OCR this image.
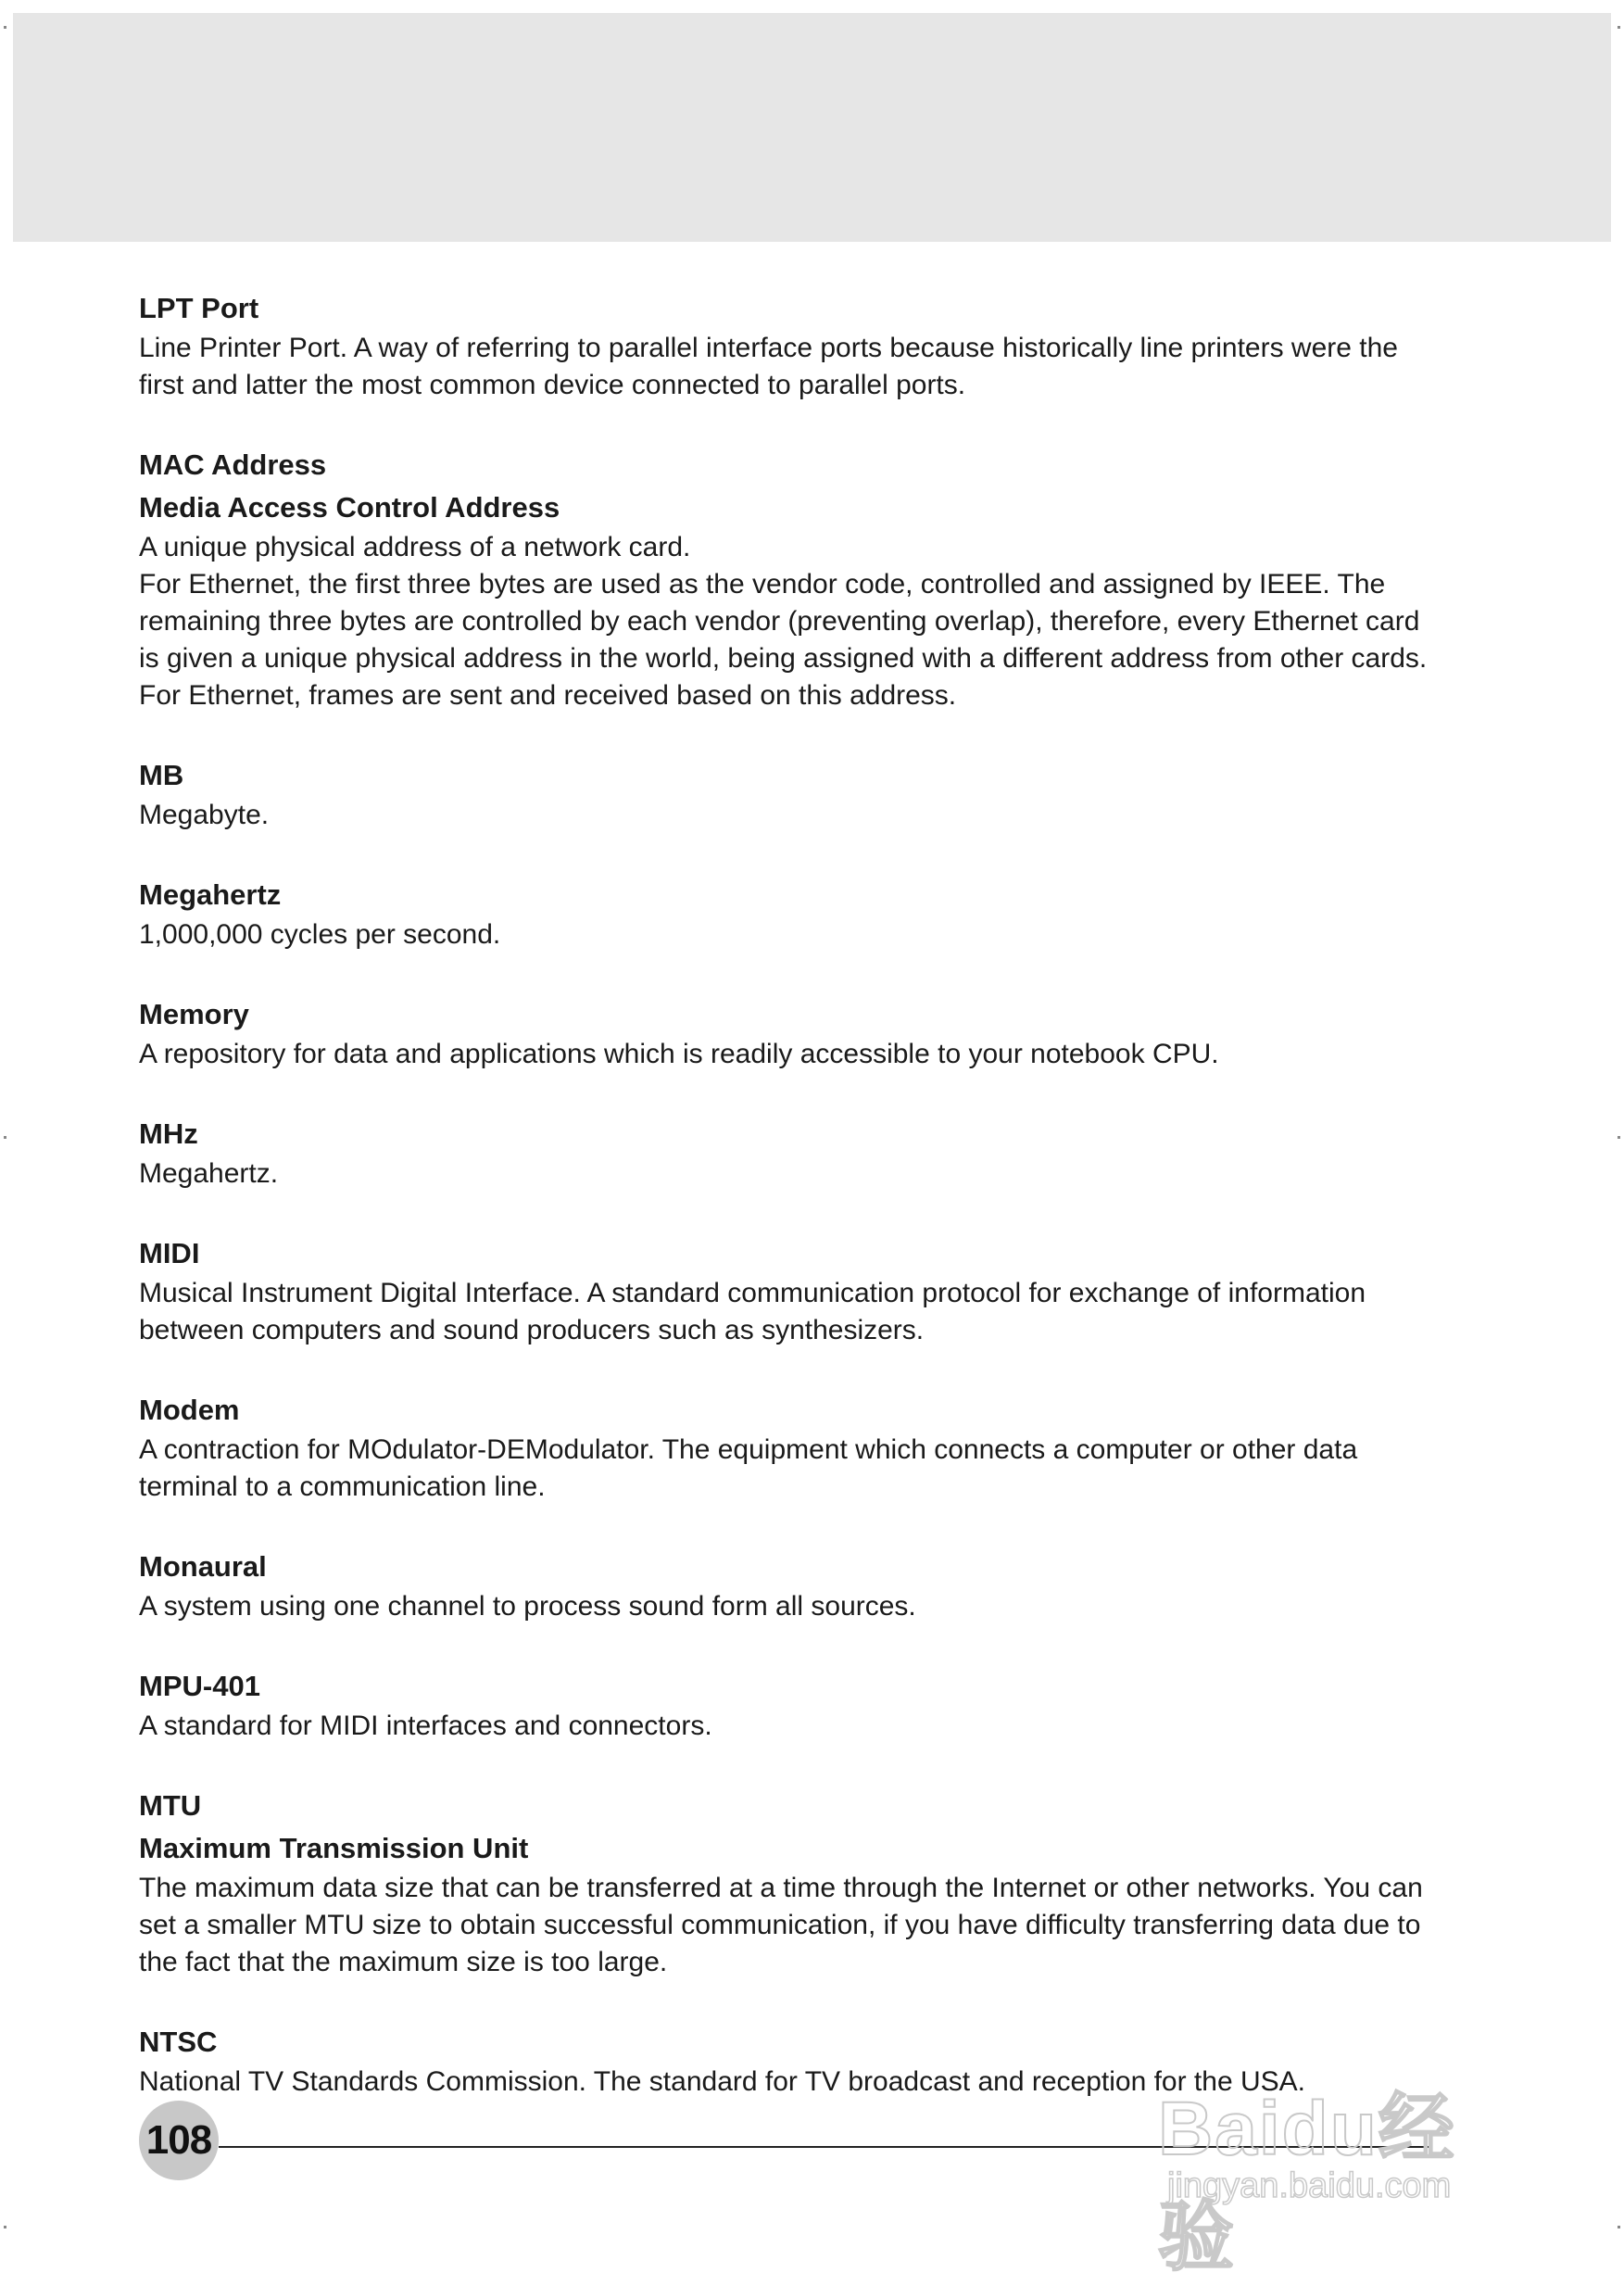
LPT Port

Line Printer Port. A way of referring to parallel interface ports because historically line printers were the first and latter the most common device connected to parallel ports.

MAC Address

Media Access Control Address

A unique physical address of a network card.

For Ethernet, the first three bytes are used as the vendor code, controlled and assigned by IEEE. The remaining three bytes are controlled by each vendor (preventing overlap), therefore, every Ethernet card is given a unique physical address in the world, being assigned with a different address from other cards. For Ethernet, frames are sent and received based on this address.

MB

Megabyte.

Megahertz

1,000,000 cycles per second.

Memory

A repository for data and applications which is readily accessible to your notebook CPU.

MHz

Megahertz.

MIDI

Musical Instrument Digital Interface. A standard communication protocol for exchange of information between computers and sound producers such as synthesizers.

Modem

A contraction for MOdulator-DEModulator. The equipment which connects a computer or other data terminal to a communication line.

Monaural

A system using one channel to process sound form all sources.

MPU-401

A standard for MIDI interfaces and connectors.

MTU

Maximum Transmission Unit

The maximum data size that can be transferred at a time through the Internet or other networks. You can set a smaller MTU size to obtain successful communication, if you have difficulty transferring data due to the fact that the maximum size is too large.

NTSC

National TV Standards Commission. The standard for TV broadcast and reception for the USA.

108	Baidu经验
jingyan.baidu.com
